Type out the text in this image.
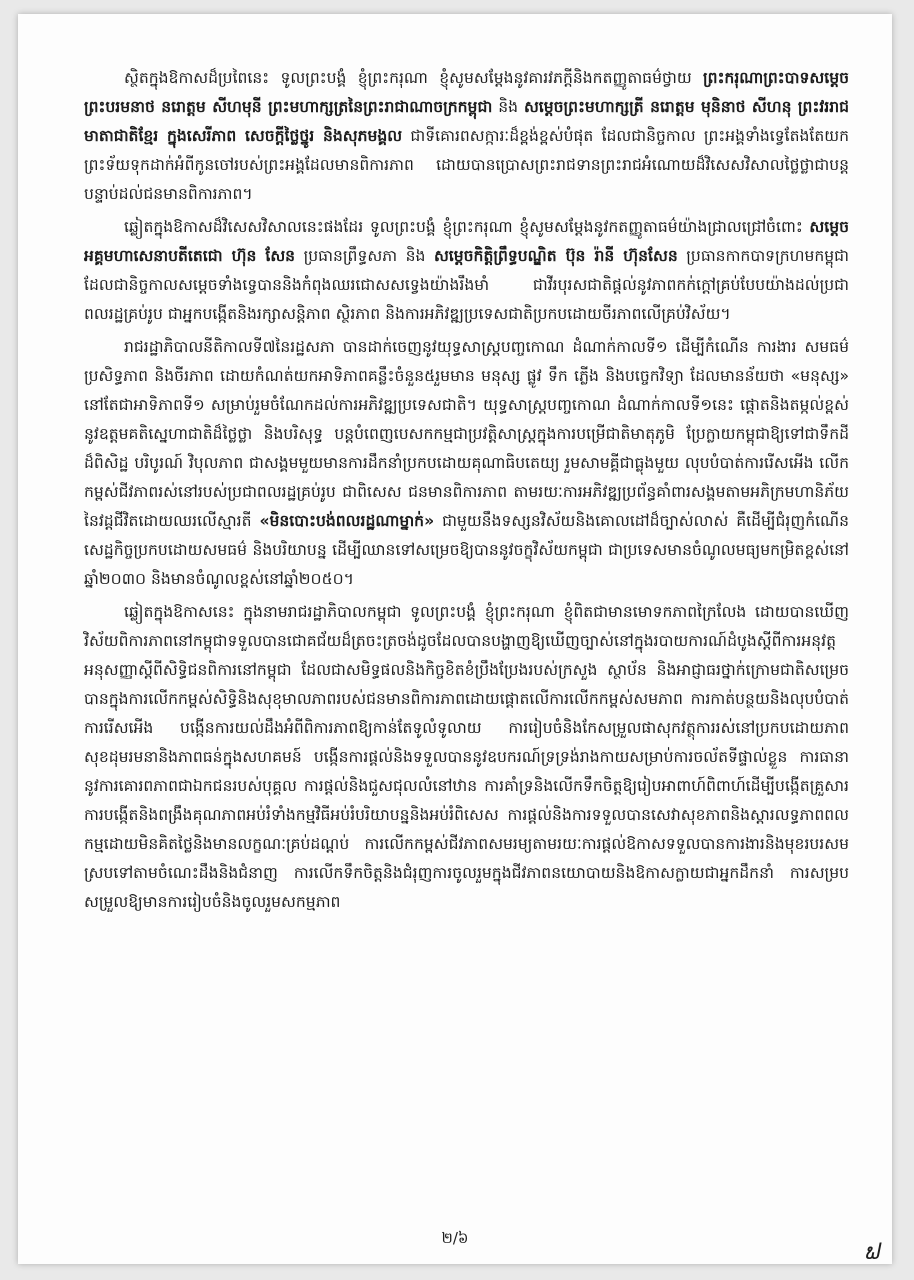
ស្ថិតក្នុងឱកាសដ៏ប្រពៃនេះ ទូលព្រះបង្គំ ខ្ញុំព្រះករុណា ខ្ញុំសូមសម្តែងនូវគារវភក្តីនិងកតញ្ញូតាធម៌ថ្វាយ ព្រះករុណាព្រះបាទសម្តេចព្រះបរមនាថ នរោត្តម សីហមុនី ព្រះមហាក្សត្រនៃព្រះរាជាណាចក្រកម្ពុជា និង សម្តេចព្រះមហាក្សត្រី នរោត្តម មុនិនាថ សីហនុ ព្រះវររាជមាតាជាតិខ្មែរ ក្នុងសេរីភាព សេចក្តីថ្លៃថ្នូរ និងសុភមង្គល ជាទីគោរពសក្ការៈដ៏ខ្ពង់ខ្ពស់បំផុត ដែលជានិច្ចកាល ព្រះអង្គទាំងទ្វេតែងតែយកព្រះទ័យទុកដាក់អំពីកូនចៅរបស់ព្រះអង្គដែលមានពិការភាព ដោយបានប្រោសព្រះរាជទានព្រះរាជអំណោយដ៏វិសេសវិសាលថ្លៃថ្លាជាបន្តបន្ទាប់ដល់ជនមានពិការភាព។

ឆ្លៀតក្នុងឱកាសដ៏វិសេសវិសាលនេះផងដែរ ទូលព្រះបង្គំ ខ្ញុំព្រះករុណា ខ្ញុំសូមសម្តែងនូវកតញ្ញូតាធម៌យ៉ាងជ្រាលជ្រៅចំពោះ សម្តេចអគ្គមហាសេនាបតីតេជោ ហ៊ុន សែន ប្រធានព្រឹទ្ធសភា និង សម្តេចកិត្តិព្រឹទ្ធបណ្ឌិត ប៊ុន រ៉ានី ហ៊ុនសែន ប្រធានកាកបាទក្រហមកម្ពុជា ដែលជានិច្ចកាលសម្តេចទាំងទ្វេបាននិងកំពុងឈរជោសសទ្វេងយ៉ាងរឹងមាំ ជាវីរបុរសជាតិផ្តល់នូវភាពកក់ក្តៅគ្រប់បែបយ៉ាងដល់ប្រជាពលរដ្ឋគ្រប់រូប ជាអ្នកបង្កើតនិងរក្សាសន្តិភាព ស្ថិរភាព និងការអភិវឌ្ឍប្រទេសជាតិប្រកបដោយចីរភាពលើគ្រប់វិស័យ។

រាជរដ្ឋាភិបាលនីតិកាលទី៧នៃរដ្ឋសភា បានដាក់ចេញនូវយុទ្ធសាស្ត្របញ្ចកោណ ដំណាក់កាលទី១ ដើម្បីកំណើន ការងារ សមធម៌ ប្រសិទ្ធភាព និងចីរភាព ដោយកំណត់យកអាទិភាពគន្លឹះចំនួន៥រួមមាន មនុស្ស ផ្លូវ ទឹក ភ្លើង និងបច្ចេកវិទ្យា ដែលមានន័យថា «មនុស្ស» នៅតែជាអាទិភាពទី១ សម្រាប់រួមចំណែកដល់ការអភិវឌ្ឍប្រទេសជាតិ។ យុទ្ធសាស្ត្របញ្ចកោណ ដំណាក់កាលទី១នេះ ផ្តោតនិងតម្កល់ខ្ពស់នូវឧត្តមគតិស្នេហាជាតិដ៏ថ្លៃថ្លា និងបរិសុទ្ធ បន្តបំពេញបេសកកម្មជាប្រវត្តិសាស្ត្រក្នុងការបម្រើជាតិមាតុភូមិ ប្រែក្លាយកម្ពុជាឱ្យទៅជាទឹកដីដ៏ពិសិដ្ឋ បរិបូរណ៍ វិបុលភាព ជាសង្គមមួយមានការដឹកនាំប្រកបដោយគុណាធិបតេយ្យ រួមសាមគ្គីជាធ្លុងមួយ លុបបំបាត់ការរើសអើង លើកកម្ពស់ជីវភាពរស់នៅរបស់ប្រជាពលរដ្ឋគ្រប់រូប ជាពិសេស ជនមានពិការភាព តាមរយៈការអភិវឌ្ឍប្រព័ន្ធគាំពារសង្គមតាមអភិក្រមហានិភ័យនៃវដ្តជីវិតដោយឈរលើស្មារតី «មិនបោះបង់ពលរដ្ឋណាម្នាក់» ជាមួយនឹងទស្សនវិស័យនិងគោលដៅដ៏ច្បាស់លាស់ គឺដើម្បីជំរុញកំណើនសេដ្ឋកិច្ចប្រកបដោយសមធម៌ និងបរិយាបន្ន ដើម្បីឈានទៅសម្រេចឱ្យបាននូវចក្ខុវិស័យកម្ពុជា ជាប្រទេសមានចំណូលមធ្យមកម្រិតខ្ពស់នៅឆ្នាំ២០៣០ និងមានចំណូលខ្ពស់នៅឆ្នាំ២០៥០។

ឆ្លៀតក្នុងឱកាសនេះ ក្នុងនាមរាជរដ្ឋាភិបាលកម្ពុជា ទូលព្រះបង្គំ ខ្ញុំព្រះករុណា ខ្ញុំពិតជាមានមោទកភាពក្រៃលែង ដោយបានឃើញវិស័យពិការភាពនៅកម្ពុជាទទួលបានជោគជ័យដ៏ត្រចះត្រចង់ដូចដែលបានបង្ហាញឱ្យឃើញច្បាស់នៅក្នុងរបាយការណ៍ដំបូងស្តីពីការអនុវត្តអនុសញ្ញាស្តីពីសិទ្ធិជនពិការនៅកម្ពុជា ដែលជាសមិទ្ធផលនិងកិច្ចខិតខំប្រឹងប្រែងរបស់ក្រសួង ស្ថាប័ន និងអាជ្ញាធរថ្នាក់ក្រោមជាតិសម្រេចបានក្នុងការលើកកម្ពស់សិទ្ធិនិងសុខុមាលភាពរបស់ជនមានពិការភាពដោយផ្តោតលើការលើកកម្ពស់សមភាព ការកាត់បន្ថយនិងលុបបំបាត់ការរើសអើង បង្កើនការយល់ដឹងអំពីពិការភាពឱ្យកាន់តែទូលំទូលាយ ការរៀបចំនិងកែសម្រួលផាសុកវត្ថុការរស់នៅប្រកបដោយភាពសុខដុមរមនានិងភាពធន់ក្នុងសហគមន៍ បង្កើនការផ្តល់និងទទួលបាននូវឧបករណ៍ទ្រទ្រង់រាងកាយសម្រាប់ការចល័តទីផ្ទាល់ខ្លួន ការធានានូវការគោរពភាពជាឯកជនរបស់បុគ្គល ការផ្តល់និងជួសជុលលំនៅឋាន ការគាំទ្រនិងលើកទឹកចិត្តឱ្យរៀបអាពាហ៍ពិពាហ៍ដើម្បីបង្កើតគ្រួសារ ការបង្កើតនិងពង្រឹងគុណភាពអប់រំទាំងកម្មវិធីអប់រំបរិយាបន្ននិងអប់រំពិសេស ការផ្តល់និងការទទួលបានសេវាសុខភាពនិងស្តារលទ្ធភាពពលកម្មដោយមិនគិតថ្លៃនិងមានលក្ខណៈគ្រប់ដណ្តប់ ការលើកកម្ពស់ជីវភាពសមរម្យតាមរយៈការផ្តល់ឱកាសទទួលបានការងារនិងមុខរបរសមស្របទៅតាមចំណេះដឹងនិងជំនាញ ការលើកទឹកចិត្តនិងជំរុញការចូលរួមក្នុងជីវភាពនយោបាយនិងឱកាសក្លាយជាអ្នកដឹកនាំ ការសម្របសម្រួលឱ្យមានការរៀបចំនិងចូលរួមសកម្មភាព

២/៦
ຟ
